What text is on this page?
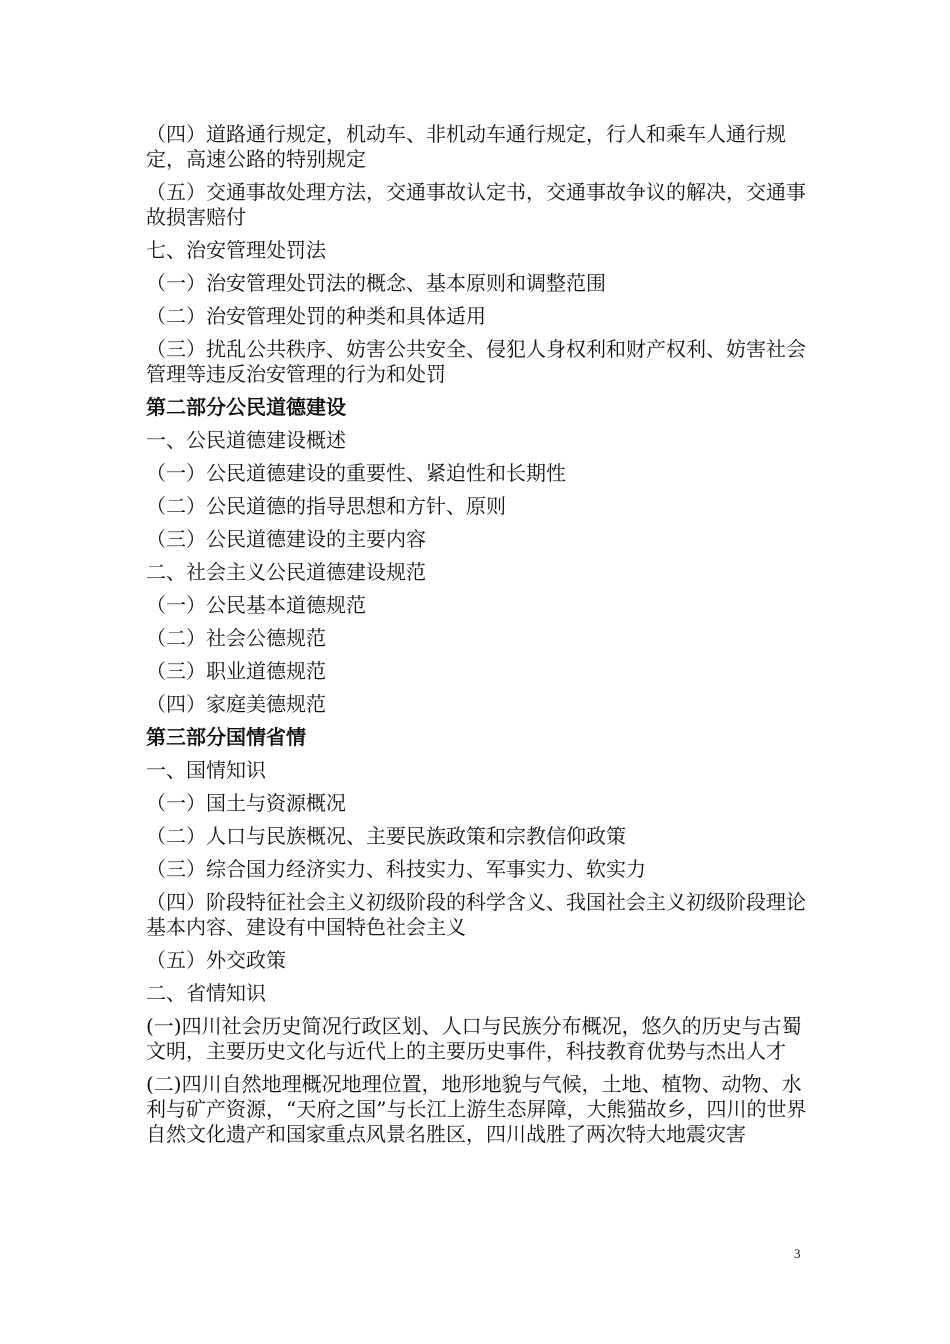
（四）道路通行规定，机动车、非机动车通行规定，行人和乘车人通行规定，高速公路的特别规定
（五）交通事故处理方法，交通事故认定书，交通事故争议的解决，交通事故损害赔付
七、治安管理处罚法
（一）治安管理处罚法的概念、基本原则和调整范围
（二）治安管理处罚的种类和具体适用
（三）扰乱公共秩序、妨害公共安全、侵犯人身权利和财产权利、妨害社会管理等违反治安管理的行为和处罚
第二部分公民道德建设
一、公民道德建设概述
（一）公民道德建设的重要性、紧迫性和长期性
（二）公民道德的指导思想和方针、原则
（三）公民道德建设的主要内容
二、社会主义公民道德建设规范
（一）公民基本道德规范
（二）社会公德规范
（三）职业道德规范
（四）家庭美德规范
第三部分国情省情
一、国情知识
（一）国土与资源概况
（二）人口与民族概况、主要民族政策和宗教信仰政策
（三）综合国力经济实力、科技实力、军事实力、软实力
（四）阶段特征社会主义初级阶段的科学含义、我国社会主义初级阶段理论基本内容、建设有中国特色社会主义
（五）外交政策
二、省情知识
(一)四川社会历史简况行政区划、人口与民族分布概况，悠久的历史与古蜀文明，主要历史文化与近代上的主要历史事件，科技教育优势与杰出人才
(二)四川自然地理概况地理位置，地形地貌与气候，土地、植物、动物、水利与矿产资源，“天府之国”与长江上游生态屏障，大熊猫故乡，四川的世界自然文化遗产和国家重点风景名胜区，四川战胜了两次特大地震灾害
3
